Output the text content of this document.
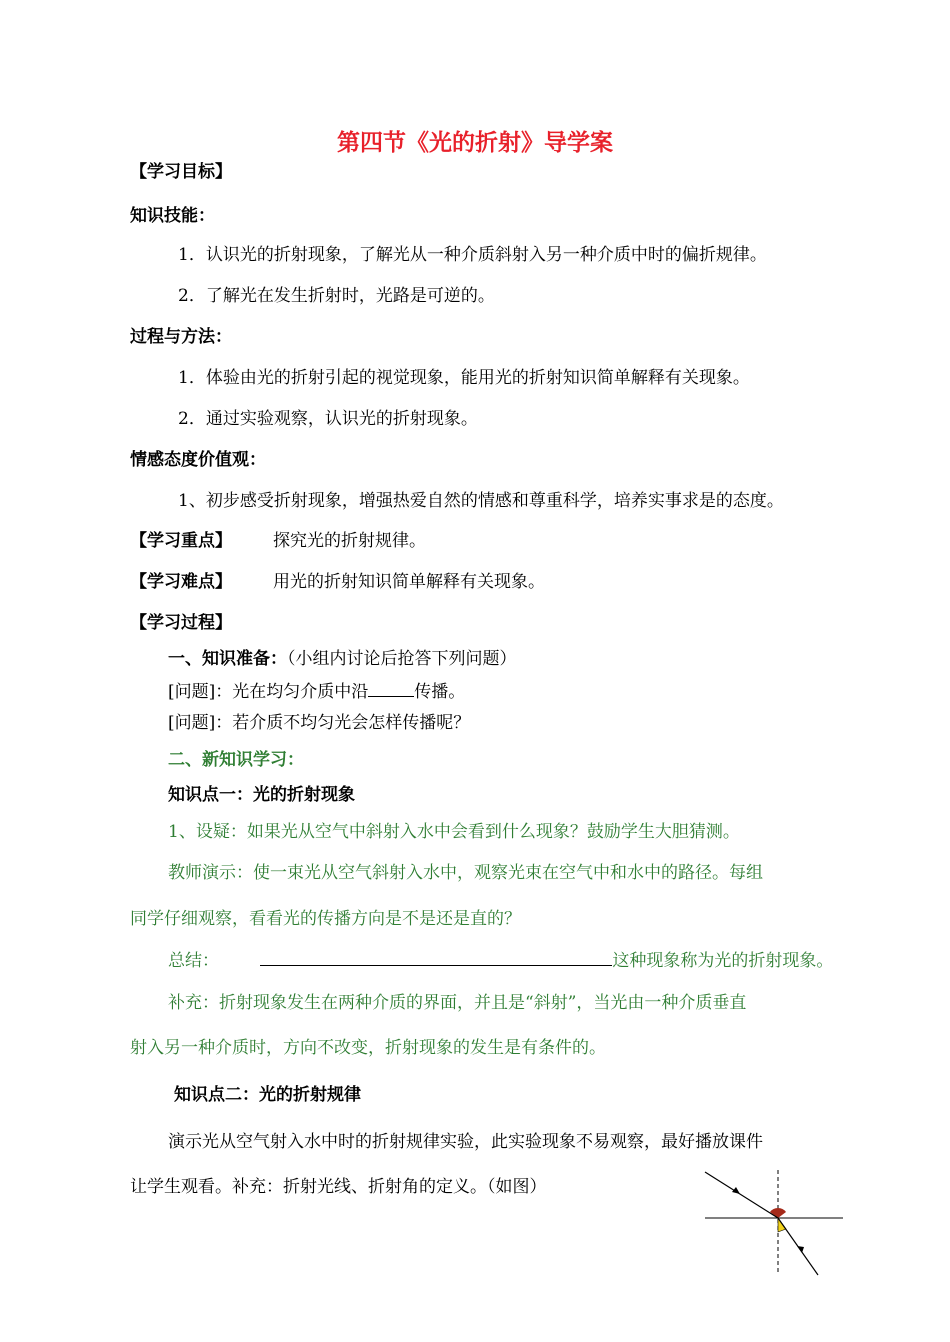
第四节《光的折射》导学案
【学习目标】
知识技能：
1．认识光的折射现象，了解光从一种介质斜射入另一种介质中时的偏折规律。
2．了解光在发生折射时，光路是可逆的。
过程与方法：
1．体验由光的折射引起的视觉现象，能用光的折射知识简单解释有关现象。
2．通过实验观察，认识光的折射现象。
情感态度价值观：
1、初步感受折射现象，增强热爱自然的情感和尊重科学，培养实事求是的态度。
【学习重点】 探究光的折射规律。
【学习难点】 用光的折射知识简单解释有关现象。
【学习过程】
一、知识准备：（小组内讨论后抢答下列问题）
[问题]：光在均匀介质中沿	传播。
[问题]：若介质不均匀光会怎样传播呢？
二、新知识学习：
知识点一：光的折射现象
1、设疑：如果光从空气中斜射入水中会看到什么现象？鼓励学生大胆猜测。
教师演示：使一束光从空气斜射入水中，观察光束在空气中和水中的路径。每组
同学仔细观察，看看光的传播方向是不是还是直的？
总结：	这种现象称为光的折射现象。
补充：折射现象发生在两种介质的界面，并且是“斜射”，当光由一种介质垂直
射入另一种介质时，方向不改变，折射现象的发生是有条件的。
知识点二：光的折射规律
演示光从空气射入水中时的折射规律实验，此实验现象不易观察，最好播放课件
让学生观看。补充：折射光线、折射角的定义。（如图）
